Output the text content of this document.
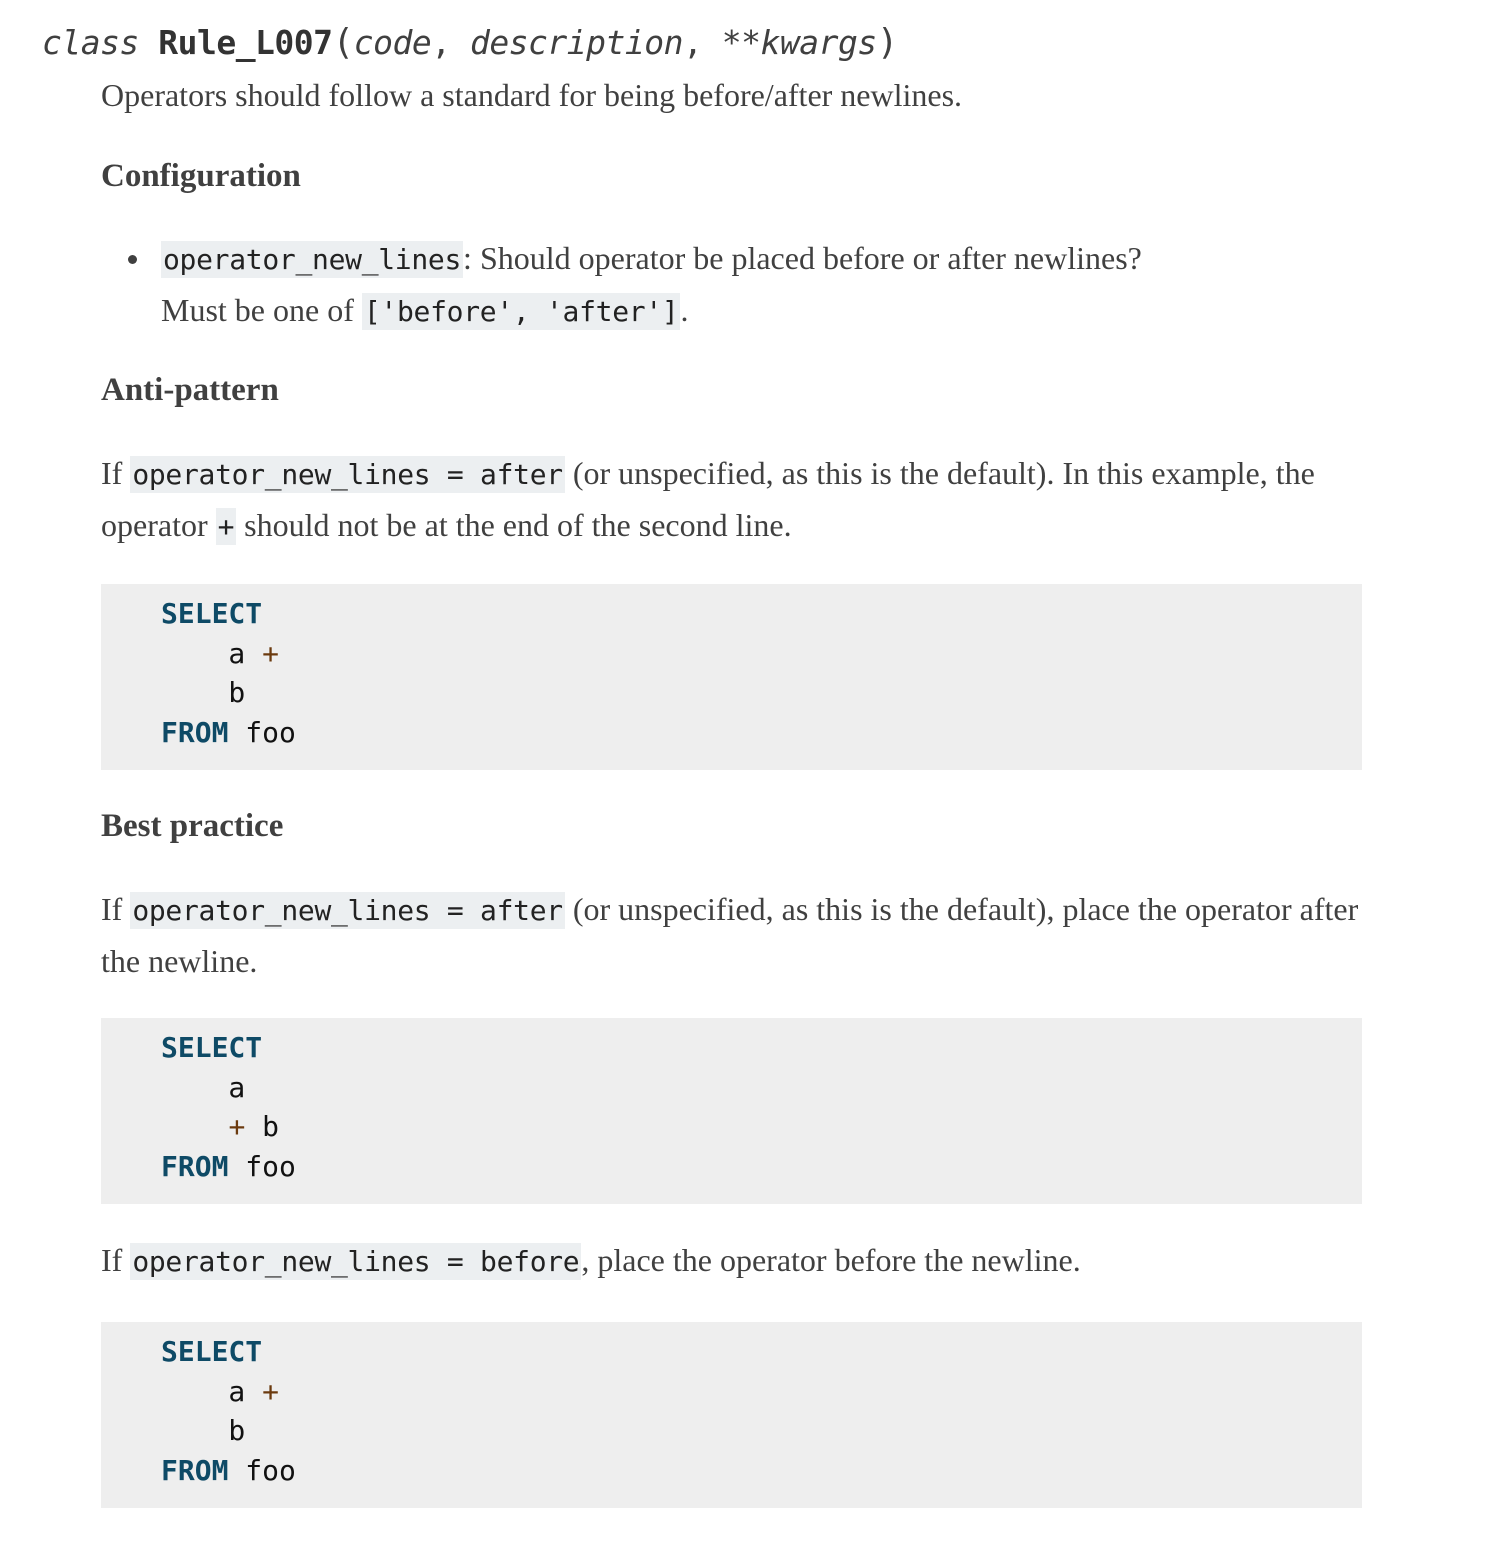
class Rule_L007(code, description, **kwargs)

Operators should follow a standard for being before/after newlines.

Configuration
operator_new_lines: Should operator be placed before or after newlines?
Must be one of ['before', 'after'].
Anti-pattern

If operator_new_lines = after (or unspecified, as this is the default). In this example, the operator + should not be at the end of the second line.

SELECT
a +
b
FROM foo
Best practice

If operator_new_lines = after (or unspecified, as this is the default), place the operator after the newline.

SELECT
a
+ b
FROM foo

If operator_new_lines = before, place the operator before the newline.

SELECT
a +
b
FROM foo
